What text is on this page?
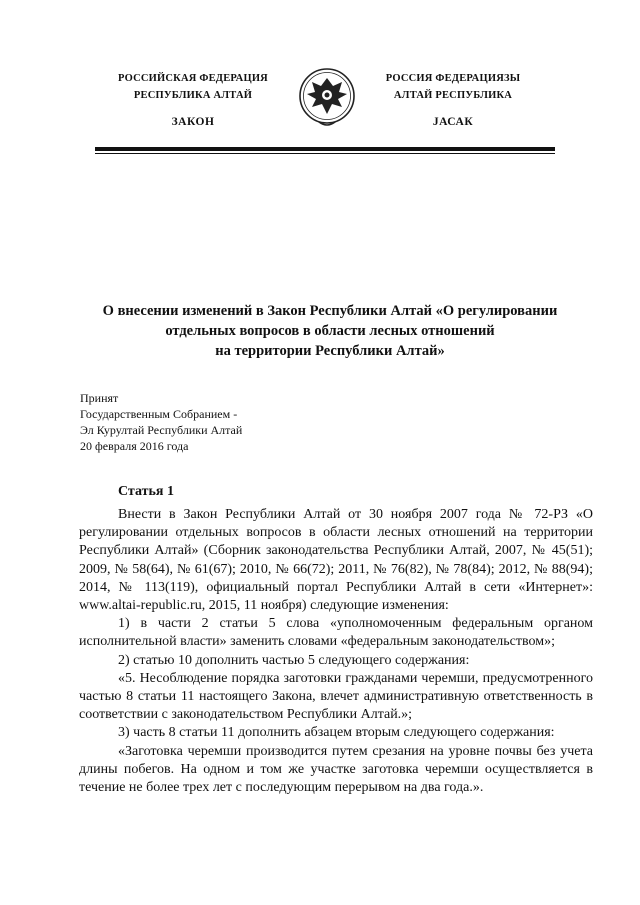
РОССИЙСКАЯ ФЕДЕРАЦИЯ
РЕСПУБЛИКА АЛТАЙ
ЗАКОН
РОССИЯ ФЕДЕРАЦИЯЗЫ
АЛТАЙ РЕСПУБЛИКА
JАСАК
О внесении изменений в Закон Республики Алтай «О регулировании
отдельных вопросов в области лесных отношений
на территории Республики Алтай»
Принят
Государственным Собранием -
Эл Курултай Республики Алтай
20 февраля 2016 года
Статья 1

Внести в Закон Республики Алтай от 30 ноября 2007 года № 72-РЗ «О регулировании отдельных вопросов в области лесных отношений на территории Республики Алтай» (Сборник законодательства Республики Алтай, 2007, № 45(51); 2009, № 58(64), № 61(67); 2010, № 66(72); 2011, № 76(82), № 78(84); 2012, № 88(94); 2014, № 113(119), официальный портал Республики Алтай в сети «Интернет»: www.altai-republic.ru, 2015, 11 ноября) следующие изменения:

1) в части 2 статьи 5 слова «уполномоченным федеральным органом исполнительной власти» заменить словами «федеральным законодательством»;

2) статью 10 дополнить частью 5 следующего содержания:

«5. Несоблюдение порядка заготовки гражданами черемши, предусмотренного частью 8 статьи 11 настоящего Закона, влечет административную ответственность в соответствии с законодательством Республики Алтай.»;

3) часть 8 статьи 11 дополнить абзацем вторым следующего содержания:

«Заготовка черемши производится путем срезания на уровне почвы без учета длины побегов. На одном и том же участке заготовка черемши осуществляется в течение не более трех лет с последующим перерывом на два года.».
